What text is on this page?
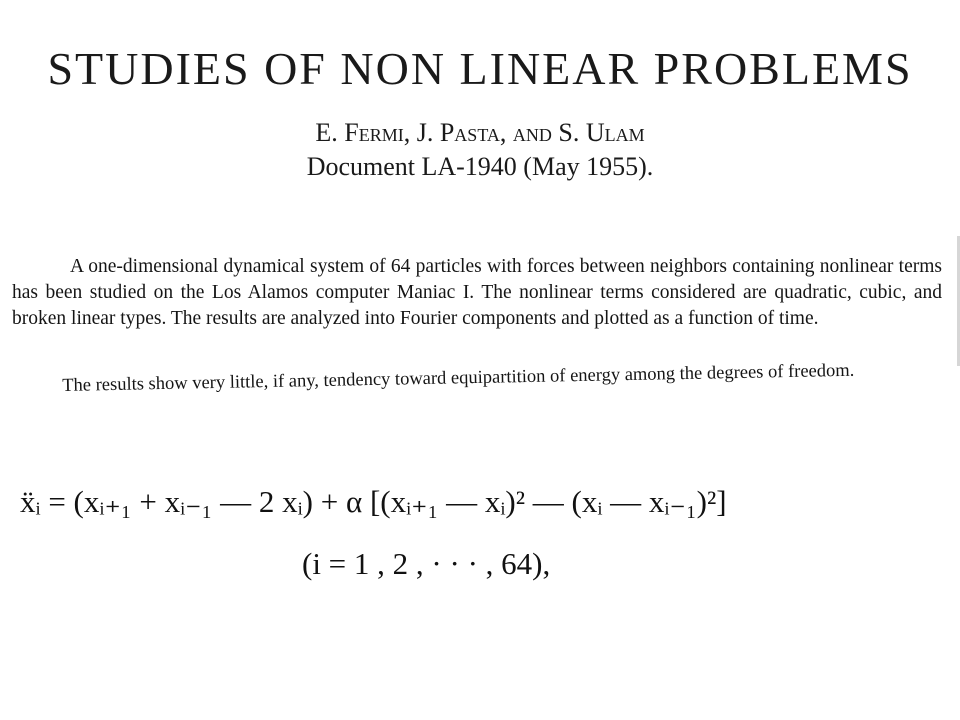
STUDIES OF NON LINEAR PROBLEMS
E. Fermi, J. Pasta, and S. Ulam
Document LA-1940 (May 1955).

A one-dimensional dynamical system of 64 particles with forces between neighbors containing nonlinear terms has been studied on the Los Alamos computer Maniac I. The nonlinear terms considered are quadratic, cubic, and broken linear types. The results are analyzed into Fourier components and plotted as a function of time.

The results show very little, if any, tendency toward equipartition of energy among the degrees of freedom.

ẍᵢ = (xᵢ₊₁ + xᵢ₋₁ — 2 xᵢ) + α [(xᵢ₊₁ — xᵢ)² — (xᵢ — xᵢ₋₁)²]
(i = 1 , 2 , · · · , 64),
